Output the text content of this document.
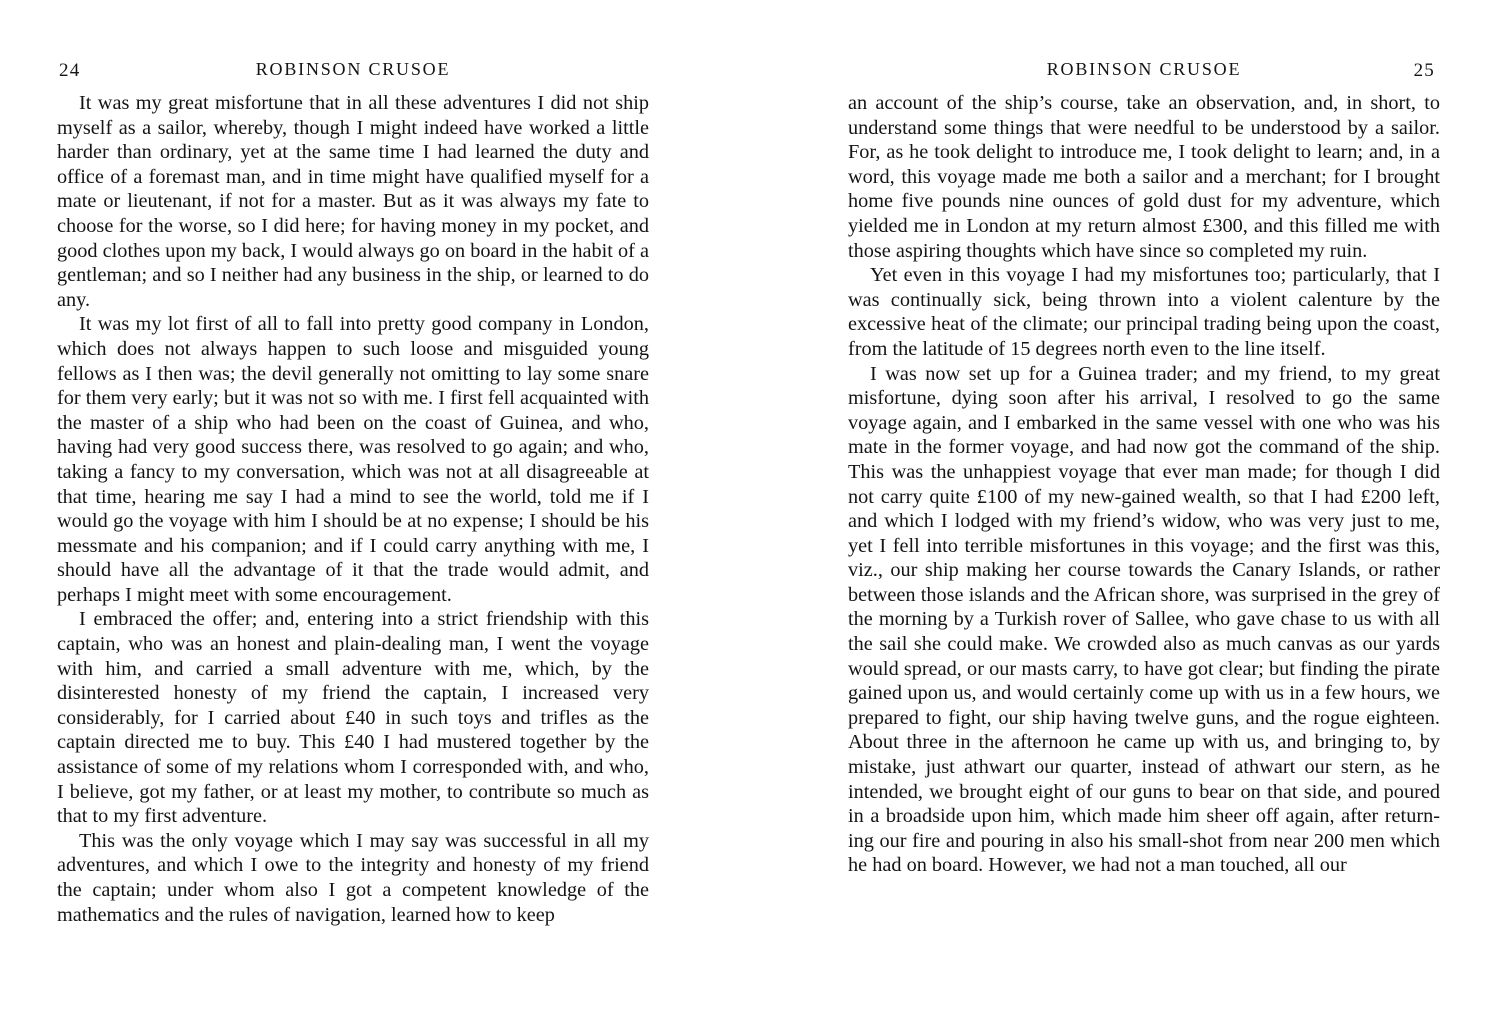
24	ROBINSON CRUSOE

It was my great misfortune that in all these adventures I did not ship myself as a sailor, whereby, though I might indeed have worked a little harder than ordinary, yet at the same time I had learned the duty and office of a foremast man, and in time might have qualified myself for a mate or lieutenant, if not for a master. But as it was always my fate to choose for the worse, so I did here; for having money in my pocket, and good clothes upon my back, I would always go on board in the habit of a gentleman; and so I neither had any business in the ship, or learned to do any.

It was my lot first of all to fall into pretty good company in London, which does not always happen to such loose and misguided young fellows as I then was; the devil generally not omitting to lay some snare for them very early; but it was not so with me. I first fell acquainted with the master of a ship who had been on the coast of Guinea, and who, having had very good success there, was resolved to go again; and who, taking a fancy to my conversation, which was not at all disagreeable at that time, hearing me say I had a mind to see the world, told me if I would go the voyage with him I should be at no expense; I should be his messmate and his companion; and if I could carry anything with me, I should have all the advantage of it that the trade would admit, and perhaps I might meet with some encouragement.

I embraced the offer; and, entering into a strict friendship with this captain, who was an honest and plain-dealing man, I went the voyage with him, and carried a small adventure with me, which, by the disinterested honesty of my friend the captain, I increased very considerably, for I carried about £40 in such toys and trifles as the captain directed me to buy. This £40 I had mustered together by the assistance of some of my relations whom I corresponded with, and who, I believe, got my father, or at least my mother, to contribute so much as that to my first adventure.

This was the only voyage which I may say was successful in all my adventures, and which I owe to the integrity and honesty of my friend the captain; under whom also I got a competent knowledge of the mathematics and the rules of navigation, learned how to keep

ROBINSON CRUSOE	25

an account of the ship’s course, take an observation, and, in short, to understand some things that were needful to be understood by a sailor. For, as he took delight to introduce me, I took delight to learn; and, in a word, this voyage made me both a sailor and a merchant; for I brought home five pounds nine ounces of gold dust for my adventure, which yielded me in London at my return almost £300, and this filled me with those aspiring thoughts which have since so completed my ruin.

Yet even in this voyage I had my misfortunes too; particularly, that I was continually sick, being thrown into a violent calenture by the excessive heat of the climate; our principal trading being upon the coast, from the latitude of 15 degrees north even to the line itself.

I was now set up for a Guinea trader; and my friend, to my great misfortune, dying soon after his arrival, I resolved to go the same voyage again, and I embarked in the same vessel with one who was his mate in the former voyage, and had now got the command of the ship. This was the unhappiest voyage that ever man made; for though I did not carry quite £100 of my new-gained wealth, so that I had £200 left, and which I lodged with my friend’s widow, who was very just to me, yet I fell into terrible misfortunes in this voyage; and the first was this, viz., our ship making her course towards the Canary Islands, or rather between those islands and the African shore, was surprised in the grey of the morning by a Turkish rover of Sallee, who gave chase to us with all the sail she could make. We crowded also as much canvas as our yards would spread, or our masts carry, to have got clear; but finding the pirate gained upon us, and would certainly come up with us in a few hours, we prepared to fight, our ship having twelve guns, and the rogue eighteen. About three in the afternoon he came up with us, and bringing to, by mistake, just athwart our quarter, instead of athwart our stern, as he intended, we brought eight of our guns to bear on that side, and poured in a broadside upon him, which made him sheer off again, after returning our fire and pouring in also his small-shot from near 200 men which he had on board. However, we had not a man touched, all our
